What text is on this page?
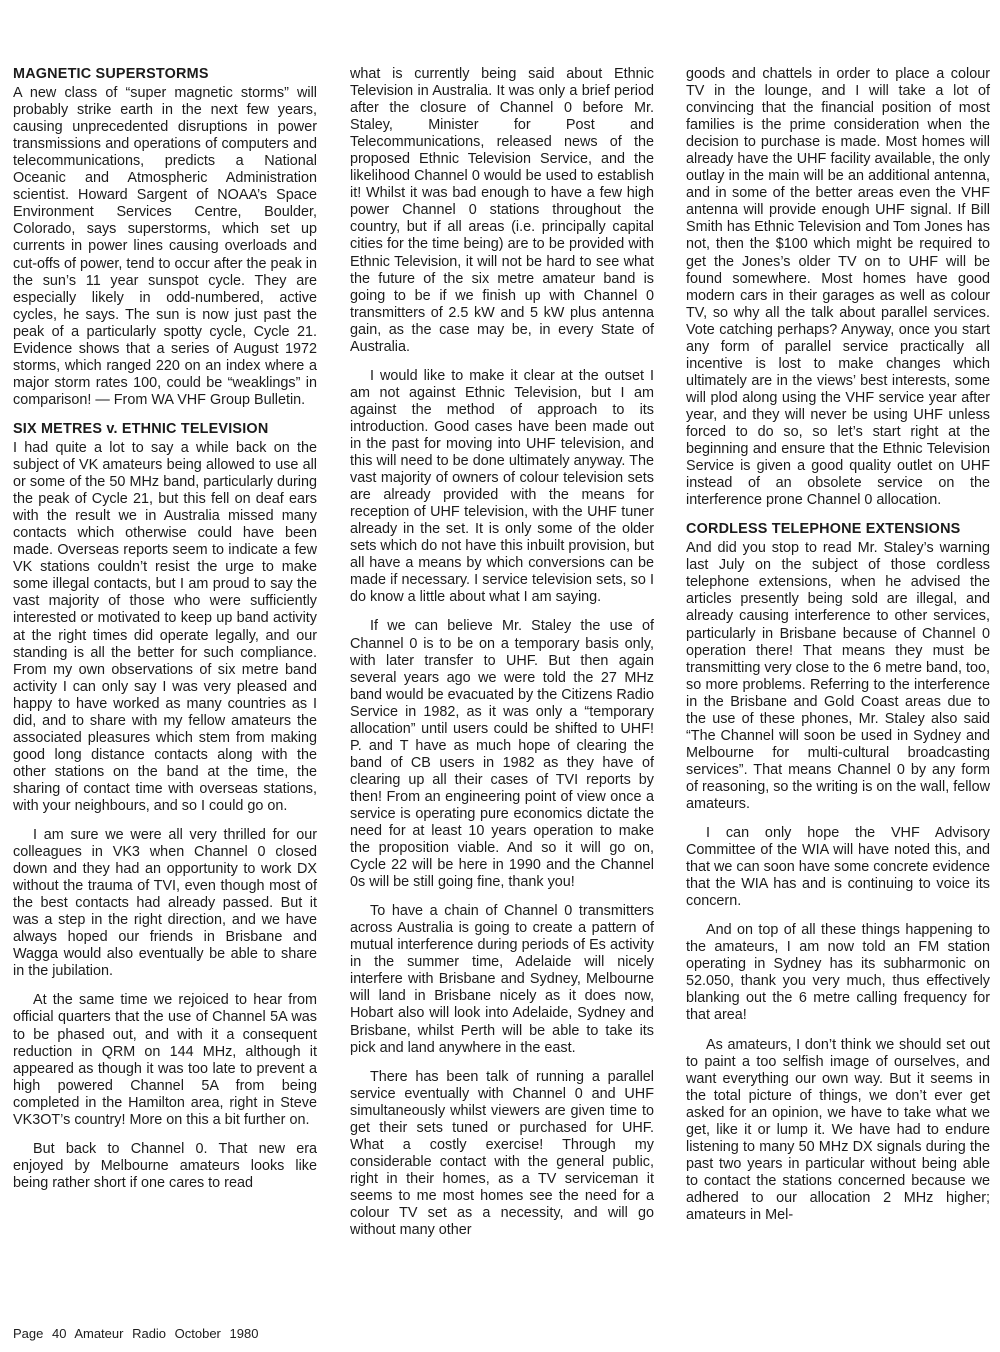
MAGNETIC SUPERSTORMS

A new class of “super magnetic storms” will probably strike earth in the next few years, causing unprecedented disruptions in power transmissions and operations of computers and telecommunications, predicts a National Oceanic and Atmospheric Administration scientist. Howard Sargent of NOAA’s Space Environment Services Centre, Boulder, Colorado, says superstorms, which set up currents in power lines causing overloads and cut-offs of power, tend to occur after the peak in the sun’s 11 year sunspot cycle. They are especially likely in odd-numbered, active cycles, he says. The sun is now just past the peak of a particularly spotty cycle, Cycle 21. Evidence shows that a series of August 1972 storms, which ranged 220 on an index where a major storm rates 100, could be “weaklings” in comparison! — From WA VHF Group Bulletin.

SIX METRES v. ETHNIC TELEVISION

I had quite a lot to say a while back on the subject of VK amateurs being allowed to use all or some of the 50 MHz band, particularly during the peak of Cycle 21, but this fell on deaf ears with the result we in Australia missed many contacts which otherwise could have been made. Overseas reports seem to indicate a few VK stations couldn’t resist the urge to make some illegal contacts, but I am proud to say the vast majority of those who were sufficiently interested or motivated to keep up band activity at the right times did operate legally, and our standing is all the better for such compliance. From my own observations of six metre band activity I can only say I was very pleased and happy to have worked as many countries as I did, and to share with my fellow amateurs the associated pleasures which stem from making good long distance contacts along with the other stations on the band at the time, the sharing of contact time with overseas stations, with your neighbours, and so I could go on.

I am sure we were all very thrilled for our colleagues in VK3 when Channel 0 closed down and they had an opportunity to work DX without the trauma of TVI, even though most of the best contacts had already passed. But it was a step in the right direction, and we have always hoped our friends in Brisbane and Wagga would also eventually be able to share in the jubilation.

At the same time we rejoiced to hear from official quarters that the use of Channel 5A was to be phased out, and with it a consequent reduction in QRM on 144 MHz, although it appeared as though it was too late to prevent a high powered Channel 5A from being completed in the Hamilton area, right in Steve VK3OT’s country! More on this a bit further on.

But back to Channel 0. That new era enjoyed by Melbourne amateurs looks like being rather short if one cares to read

what is currently being said about Ethnic Television in Australia. It was only a brief period after the closure of Channel 0 before Mr. Staley, Minister for Post and Telecommunications, released news of the proposed Ethnic Television Service, and the likelihood Channel 0 would be used to establish it! Whilst it was bad enough to have a few high power Channel 0 stations throughout the country, but if all areas (i.e. principally capital cities for the time being) are to be provided with Ethnic Television, it will not be hard to see what the future of the six metre amateur band is going to be if we finish up with Channel 0 transmitters of 2.5 kW and 5 kW plus antenna gain, as the case may be, in every State of Australia.

I would like to make it clear at the outset I am not against Ethnic Television, but I am against the method of approach to its introduction. Good cases have been made out in the past for moving into UHF television, and this will need to be done ultimately anyway. The vast majority of owners of colour television sets are already provided with the means for reception of UHF television, with the UHF tuner already in the set. It is only some of the older sets which do not have this inbuilt provision, but all have a means by which conversions can be made if necessary. I service television sets, so I do know a little about what I am saying.

If we can believe Mr. Staley the use of Channel 0 is to be on a temporary basis only, with later transfer to UHF. But then again several years ago we were told the 27 MHz band would be evacuated by the Citizens Radio Service in 1982, as it was only a “temporary allocation” until users could be shifted to UHF! P. and T have as much hope of clearing the band of CB users in 1982 as they have of clearing up all their cases of TVI reports by then! From an engineering point of view once a service is operating pure economics dictate the need for at least 10 years operation to make the proposition viable. And so it will go on, Cycle 22 will be here in 1990 and the Channel 0s will be still going fine, thank you!

To have a chain of Channel 0 transmitters across Australia is going to create a pattern of mutual interference during periods of Es activity in the summer time, Adelaide will nicely interfere with Brisbane and Sydney, Melbourne will land in Brisbane nicely as it does now, Hobart also will look into Adelaide, Sydney and Brisbane, whilst Perth will be able to take its pick and land anywhere in the east.

There has been talk of running a parallel service eventually with Channel 0 and UHF simultaneously whilst viewers are given time to get their sets tuned or purchased for UHF. What a costly exercise! Through my considerable contact with the general public, right in their homes, as a TV serviceman it seems to me most homes see the need for a colour TV set as a necessity, and will go without many other

goods and chattels in order to place a colour TV in the lounge, and I will take a lot of convincing that the financial position of most families is the prime consideration when the decision to purchase is made. Most homes will already have the UHF facility available, the only outlay in the main will be an additional antenna, and in some of the better areas even the VHF antenna will provide enough UHF signal. If Bill Smith has Ethnic Television and Tom Jones has not, then the $100 which might be required to get the Jones’s older TV on to UHF will be found somewhere. Most homes have good modern cars in their garages as well as colour TV, so why all the talk about parallel services. Vote catching perhaps? Anyway, once you start any form of parallel service practically all incentive is lost to make changes which ultimately are in the views’ best interests, some will plod along using the VHF service year after year, and they will never be using UHF unless forced to do so, so let’s start right at the beginning and ensure that the Ethnic Television Service is given a good quality outlet on UHF instead of an obsolete service on the interference prone Channel 0 allocation.

CORDLESS TELEPHONE EXTENSIONS

And did you stop to read Mr. Staley’s warning last July on the subject of those cordless telephone extensions, when he advised the articles presently being sold are illegal, and already causing interference to other services, particularly in Brisbane because of Channel 0 operation there! That means they must be transmitting very close to the 6 metre band, too, so more problems. Referring to the interference in the Brisbane and Gold Coast areas due to the use of these phones, Mr. Staley also said “The Channel will soon be used in Sydney and Melbourne for multi-cultural broadcasting services”. That means Channel 0 by any form of reasoning, so the writing is on the wall, fellow amateurs.

I can only hope the VHF Advisory Committee of the WIA will have noted this, and that we can soon have some concrete evidence that the WIA has and is continuing to voice its concern.

And on top of all these things happening to the amateurs, I am now told an FM station operating in Sydney has its subharmonic on 52.050, thank you very much, thus effectively blanking out the 6 metre calling frequency for that area!

As amateurs, I don’t think we should set out to paint a too selfish image of ourselves, and want everything our own way. But it seems in the total picture of things, we don’t ever get asked for an opinion, we have to take what we get, like it or lump it. We have had to endure listening to many 50 MHz DX signals during the past two years in particular without being able to contact the stations concerned because we adhered to our allocation 2 MHz higher; amateurs in Mel-

Page 40 Amateur Radio October 1980
